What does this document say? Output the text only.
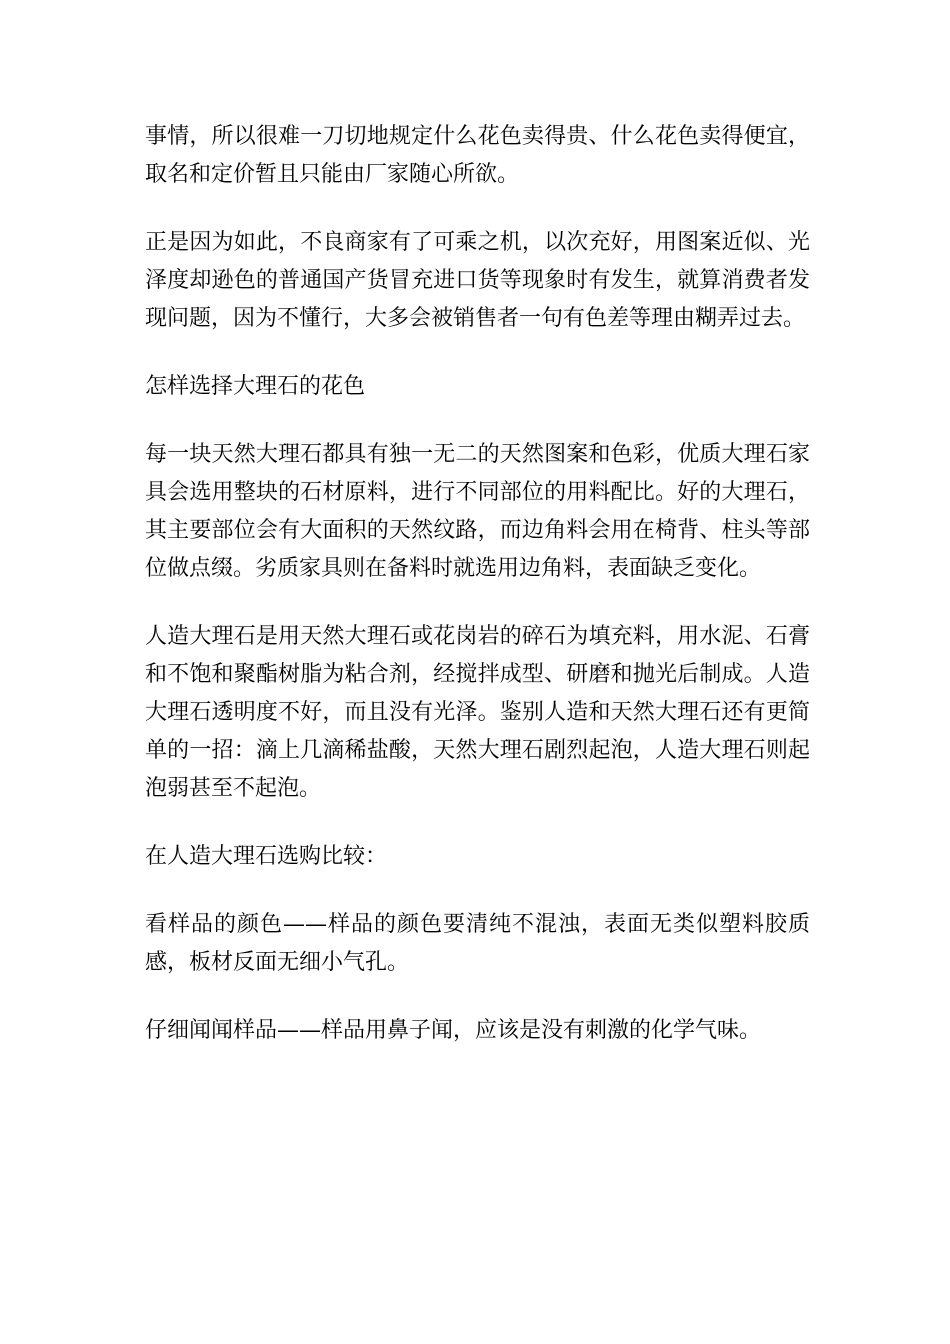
事情，所以很难一刀切地规定什么花色卖得贵、什么花色卖得便宜，取名和定价暂且只能由厂家随心所欲。

正是因为如此，不良商家有了可乘之机，以次充好，用图案近似、光泽度却逊色的普通国产货冒充进口货等现象时有发生，就算消费者发现问题，因为不懂行，大多会被销售者一句有色差等理由糊弄过去。

怎样选择大理石的花色

每一块天然大理石都具有独一无二的天然图案和色彩，优质大理石家具会选用整块的石材原料，进行不同部位的用料配比。好的大理石，其主要部位会有大面积的天然纹路，而边角料会用在椅背、柱头等部位做点缀。劣质家具则在备料时就选用边角料，表面缺乏变化。

人造大理石是用天然大理石或花岗岩的碎石为填充料，用水泥、石膏和不饱和聚酯树脂为粘合剂，经搅拌成型、研磨和抛光后制成。人造大理石透明度不好，而且没有光泽。鉴别人造和天然大理石还有更简单的一招：滴上几滴稀盐酸，天然大理石剧烈起泡，人造大理石则起泡弱甚至不起泡。

在人造大理石选购比较：

看样品的颜色——样品的颜色要清纯不混浊，表面无类似塑料胶质感，板材反面无细小气孔。

仔细闻闻样品——样品用鼻子闻，应该是没有刺激的化学气味。
